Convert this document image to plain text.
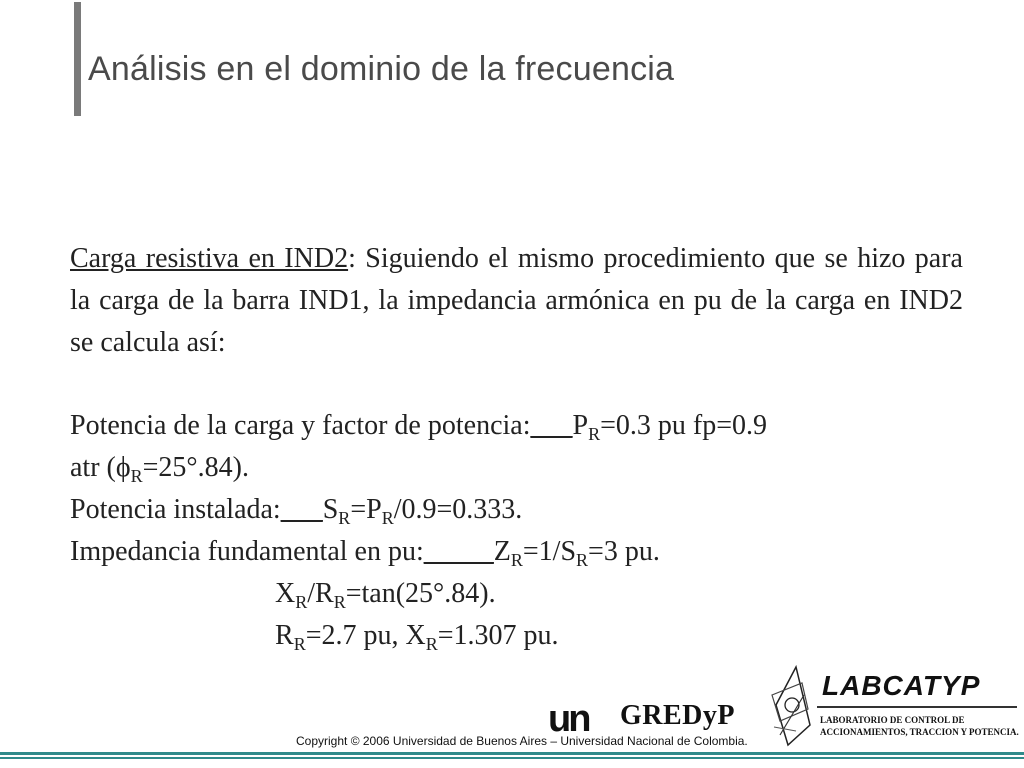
Análisis en el dominio de la frecuencia
Carga resistiva en IND2: Siguiendo el mismo procedimiento que se hizo para la carga de la barra IND1, la impedancia armónica en pu de la carga en IND2 se calcula así:
Potencia de la carga y factor de $potencia:\_\_\_P_R=0.3$ pu fp=0.9
atr $(\phi_R=25^\circ.84)$.
Potencia $instalada:\_\_\_S_R=P_R/0.9=0.333$.
Impedancia fundamental en $pu:\_\_\_\_\_Z_R=1/S_R=3$ pu.
$X_R/R_R=\tan(25^\circ.84)$.
$R_R=2.7$ pu, $X_R=1.307$ pu.
un GREDyP
Copyright © 2006 Universidad de Buenos Aires – Universidad Nacional de Colombia.
LABCATYP
LABORATORIO DE CONTROL DE
ACCIONAMIENTOS, TRACCION Y POTENCIA.
